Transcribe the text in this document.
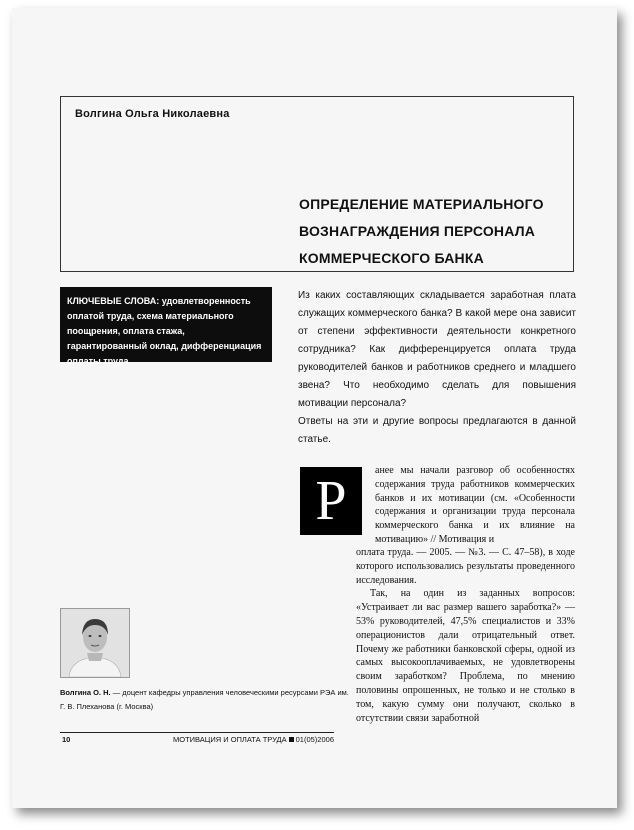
Волгина Ольга Николаевна
ОПРЕДЕЛЕНИЕ МАТЕРИАЛЬНОГО
ВОЗНАГРАЖДЕНИЯ ПЕРСОНАЛА
КОММЕРЧЕСКОГО БАНКА
КЛЮЧЕВЫЕ СЛОВА: удовлетворенность оплатой труда, схема материального поощрения, оплата стажа, гарантированный оклад, дифференциация оплаты труда

Из каких составляющих складывается заработная плата служащих коммерческого банка? В какой мере она зависит от степени эффективности деятельности конкретного сотрудника? Как дифференцируется оплата труда руководителей банков и работников среднего и младшего звена? Что необходимо сделать для повышения мотивации персонала?

Ответы на эти и другие вопросы предлагаются в данной статье.

Р	анее мы начали разговор об особенностях содержания труда работников коммерческих банков и их мотивации (см. «Особенности содержания и организации труда персонала коммерческого банка и их влияние на мотивацию» // Мотивация и
оплата труда. — 2005. — №3. — С. 47–58), в ходе которого использовались результаты проведенного исследования.
Так, на один из заданных вопросов: «Устраивает ли вас размер вашего заработка?» — 53% руководителей, 47,5% специалистов и 33% операционистов дали отрицательный ответ. Почему же работники банковской сферы, одной из самых высокооплачиваемых, не удовлетворены своим заработком? Проблема, по мнению половины опрошенных, не только и не столько в том, какую сумму они получают, сколько в отсутствии связи заработной
Волгина О. Н. — доцент кафедры управления человеческими ресурсами РЭА им. Г. В. Плеханова (г. Москва)
10	МОТИВАЦИЯ И ОПЛАТА ТРУДА 01(05)2006
